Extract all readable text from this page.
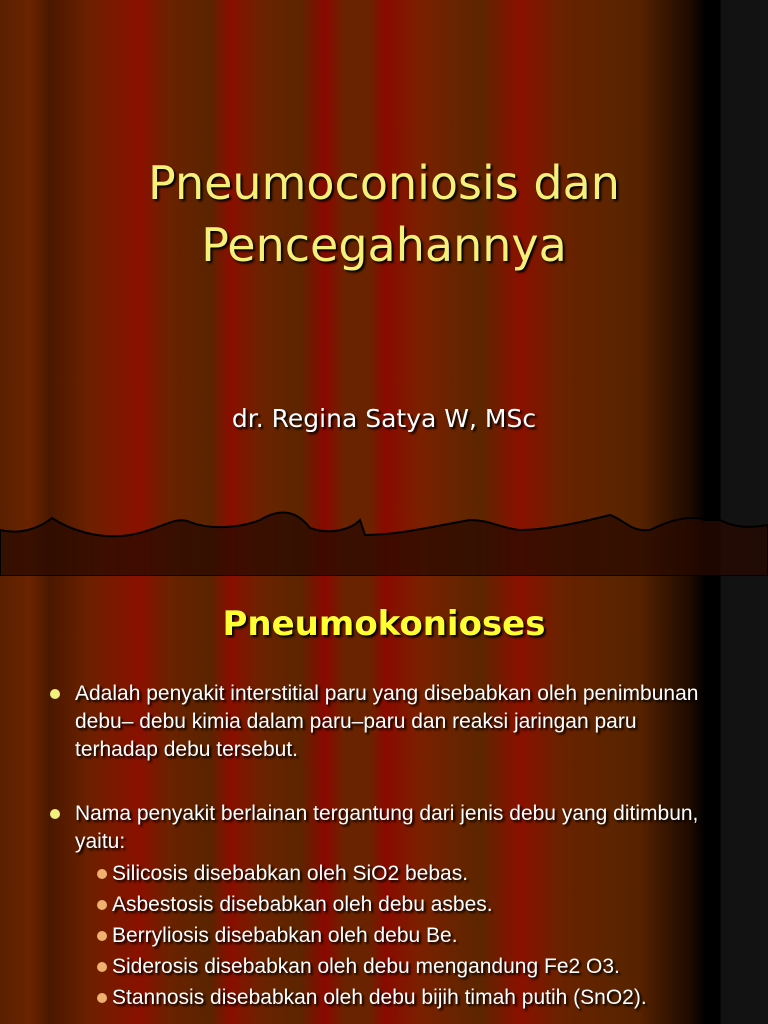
Pneumoconiosis dan
Pencegahannya
dr. Regina Satya W, MSc
Pneumokonioses
Adalah penyakit interstitial paru yang disebabkan oleh penimbunan debu– debu kimia dalam paru–paru dan reaksi jaringan paru terhadap debu tersebut.
Nama penyakit berlainan tergantung dari jenis debu yang ditimbun, yaitu:
Silicosis disebabkan oleh SiO2 bebas.
Asbestosis disebabkan oleh debu asbes.
Berryliosis disebabkan oleh debu Be.
Siderosis disebabkan oleh debu mengandung Fe2 O3.
Stannosis disebabkan oleh debu bijih timah putih (SnO2).
